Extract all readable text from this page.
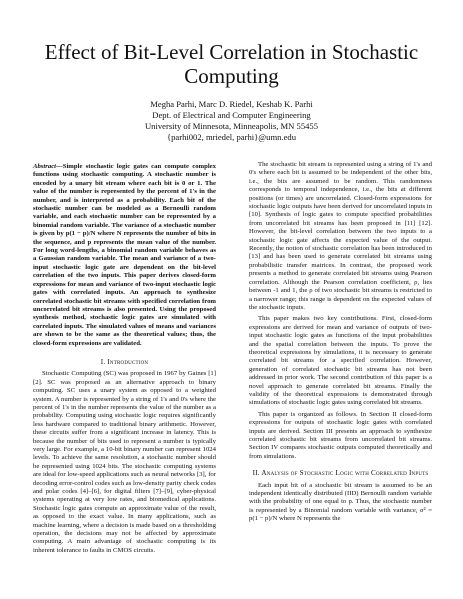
Effect of Bit-Level Correlation in Stochastic Computing
Megha Parhi, Marc D. Riedel, Keshab K. Parhi
Dept. of Electrical and Computer Engineering
University of Minnesota, Minneapolis, MN 55455
{parhi002, mriedel, parhi}@umn.edu

Abstract—Simple stochastic logic gates can compute complex functions using stochastic computing. A stochastic number is encoded by a unary bit stream where each bit is 0 or 1. The value of the number is represented by the percent of 1's in the number, and is interpreted as a probability. Each bit of the stochastic number can be modeled as a Bernoulli random variable, and each stochastic number can be represented by a binomial random variable. The variance of a stochastic number is given by p(1 − p)/N where N represents the number of bits in the sequence, and p represents the mean value of the number. For long word-lengths, a binomial random variable behaves as a Gaussian random variable. The mean and variance of a two-input stochastic logic gate are dependent on the bit-level correlation of the two inputs. This paper derives closed-form expressions for mean and variance of two-input stochastic logic gates with correlated inputs. An approach to synthesize correlated stochastic bit streams with specified correlation from uncorrelated bit streams is also presented. Using the proposed synthesis method, stochastic logic gates are simulated with correlated inputs. The simulated values of means and variances are shown to be the same as the theoretical values; thus, the closed-form expressions are validated.

I. Introduction

Stochastic Computing (SC) was proposed in 1967 by Gaines [1] [2]. SC was proposed as an alternative approach to binary computing. SC uses a unary system as opposed to a weighted system. A number is represented by a string of 1's and 0's where the percent of 1's in the number represents the value of the number as a probability. Computing using stochastic logic requires significantly less hardware compared to traditional binary arithmetic. However, these circuits suffer from a significant increase in latency. This is because the number of bits used to represent a number is typically very large. For example, a 10-bit binary number can represent 1024 levels. To achieve the same resolution, a stochastic number should be represented using 1024 bits. The stochastic computing systems are ideal for low-speed applications such as neural networks [3], for decoding error-control codes such as low-density parity check codes and polar codes [4]–[6], for digital filters [7]–[9], cyber-physical systems operating at very low rates, and biomedical applications. Stochastic logic gates compute an approximate value of the result, as opposed to the exact value. In many applications, such as machine learning, where a decision is made based on a thresholding operation, the decisions may not be affected by approximate computing. A main advantage of stochastic computing is its inherent tolerance to faults in CMOS circuits.

The stochastic bit stream is represented using a string of 1's and 0's where each bit is assumed to be independent of the other bits, i.e., the bits are assumed to be random. This randomness corresponds to temporal independence, i.e., the bits at different positions (or times) are uncorrelated. Closed-form expressions for stochastic logic outputs have been derived for uncorrelated inputs in [10]. Synthesis of logic gates to compute specified probabilities from uncorrelated bit streams has been proposed in [11] [12]. However, the bit-level correlation between the two inputs to a stochastic logic gate affects the expected value of the output. Recently, the notion of stochastic correlation has been introduced in [13] and has been used to generate correlated bit streams using probabilistic transfer matrices. In contrast, the proposed work presents a method to generate correlated bit streams using Pearson correlation. Although the Pearson correlation coefficient, ρ, lies between -1 and 1, the ρ of two stochastic bit streams is restricted to a narrower range; this range is dependent on the expected values of the stochastic inputs.

This paper makes two key contributions. First, closed-form expressions are derived for mean and variance of outputs of two-input stochastic logic gates as functions of the input probabilities and the spatial correlation between the inputs. To prove the theoretical expressions by simulations, it is necessary to generate correlated bit streams for a specified correlation. However, generation of correlated stochastic bit streams has not been addressed in prior work. The second contribution of this paper is a novel approach to generate correlated bit streams. Finally the validity of the theoretical expressions is demonstrated through simulations of stochastic logic gates using correlated bit streams.

This paper is organized as follows. In Section II closed-form expressions for outputs of stochastic logic gates with correlated inputs are derived. Section III presents an approach to synthesize correlated stochastic bit streams from uncorrelated bit streams. Section IV compares stochastic outputs computed theoretically and from simulations.

II. Analysis of Stochastic Logic with Correlated Inputs

Each input bit of a stochastic bit stream is assumed to be an independent identically distributed (IID) Bernoulli random variable with the probability of one equal to p. Thus, the stochastic number is represented by a Binomial random variable with variance, σ² = p(1 − p)/N where N represents the
